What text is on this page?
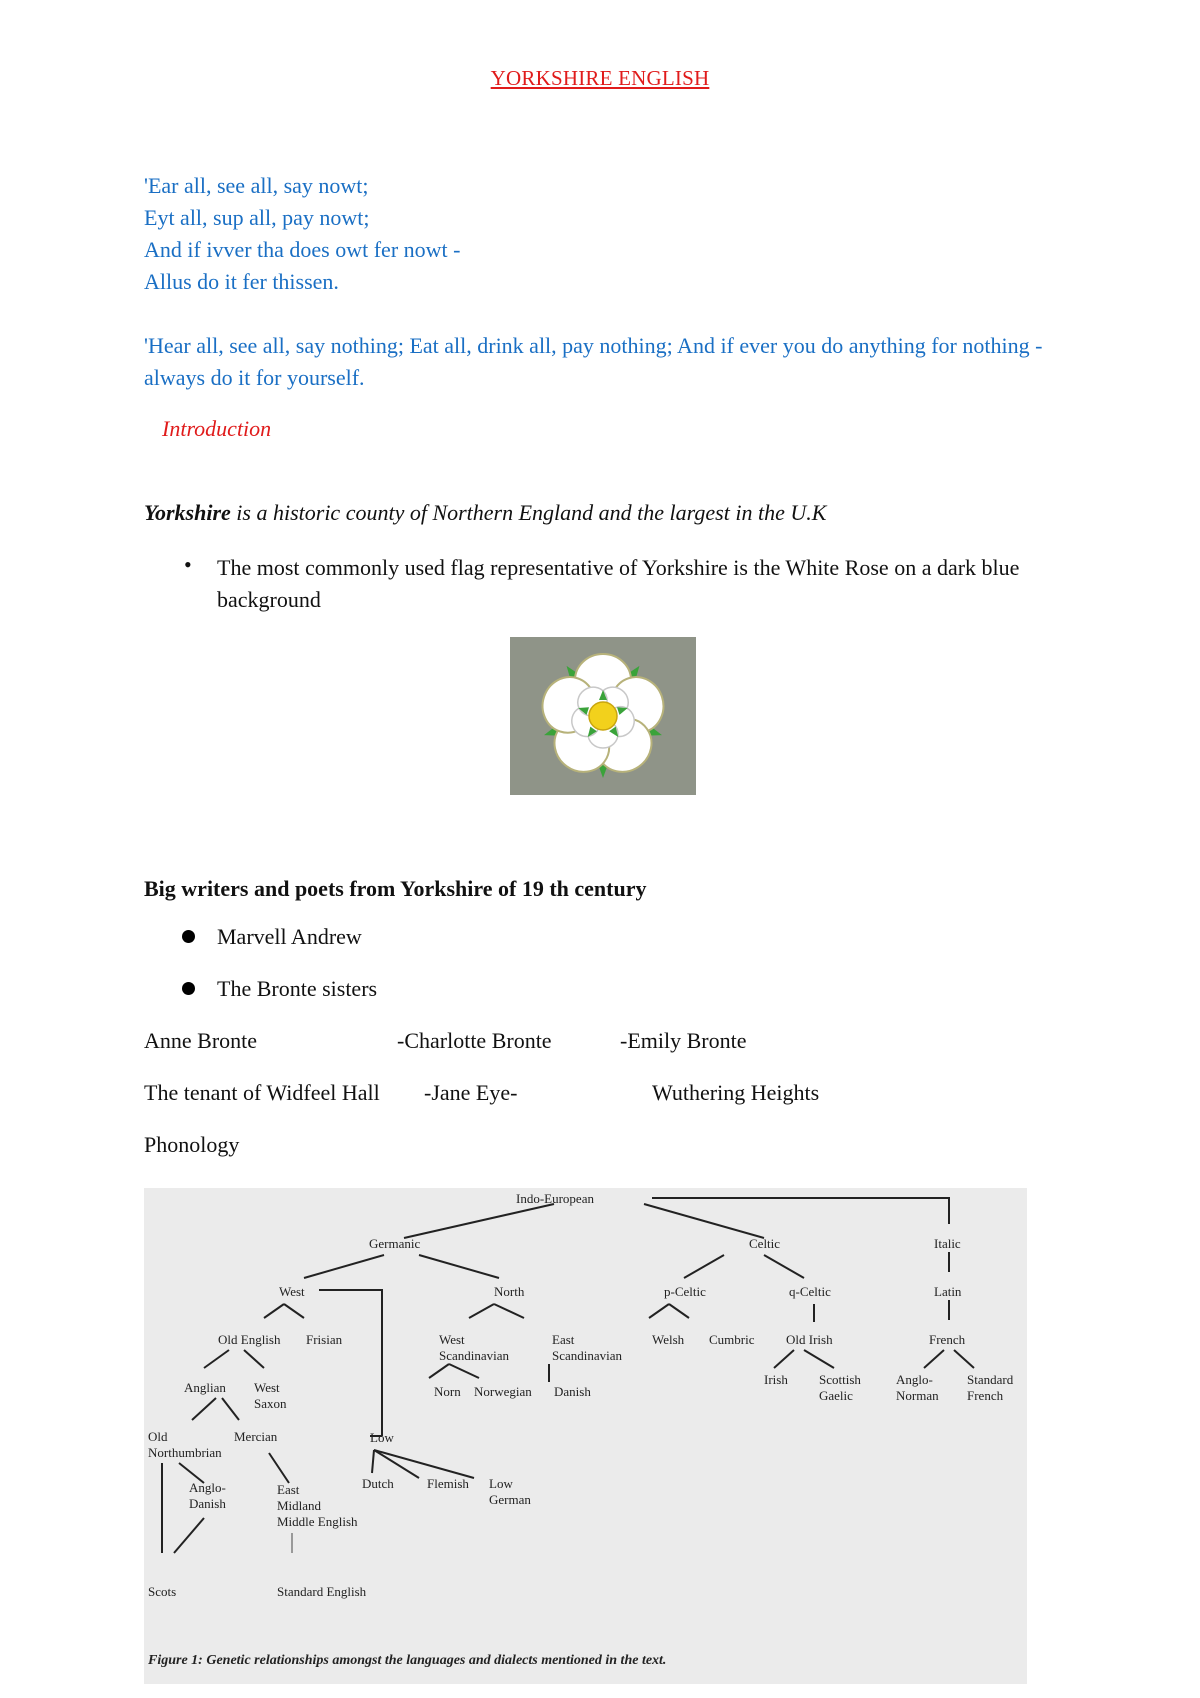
YORKSHIRE ENGLISH
'Ear all, see all, say nowt;
Eyt all, sup all, pay nowt;
And if ivver tha does owt fer nowt -
Allus do it fer thissen.
'Hear all, see all, say nothing; Eat all, drink all, pay nothing; And if ever you do anything for nothing - always do it for yourself.
Introduction
Yorkshire is a historic county of Northern England and the largest in the U.K
• The most commonly used flag representative of Yorkshire is the White Rose on a dark blue background
Big writers and poets from Yorkshire of 19 th century
Marvell Andrew
The Bronte sisters
Anne Bronte	-Charlotte Bronte	-Emily Bronte
The tenant of Widfeel Hall -Jane Eye-	Wuthering Heights
Phonology
Indo-European
Germanic	Celtic	Italic
West	North	p-Celtic	q-Celtic	Latin
Old English Frisian	West
Scandinavian
East
Scandinavian
Welsh Cumbric Old Irish	French
Anglian West
Saxon
Norn Norwegian Danish
Irish Scottish
Gaelic
Anglo-
Norman
Standard
French
Old
Northumbrian
Mercian	Low
Anglo-
Danish
East
Midland
Middle English
Dutch	Flemish Low
German
Scots	Standard English
Figure 1: Genetic relationships amongst the languages and dialects mentioned in the text.
